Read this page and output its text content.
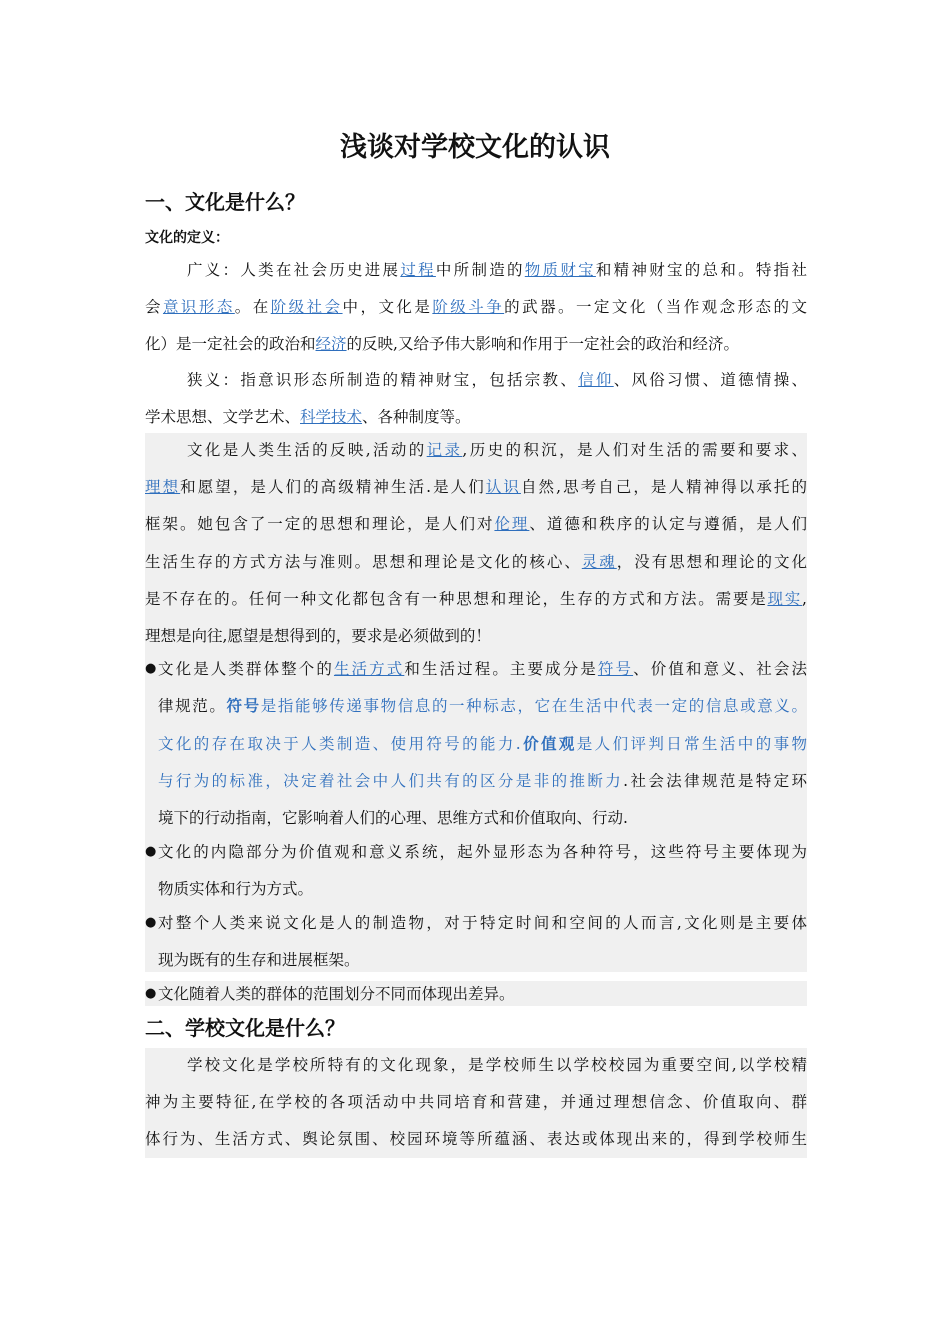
浅谈对学校文化的认识
一、文化是什么？
文化的定义：
广义：人类在社会历史进展过程中所制造的物质财宝和精神财宝的总和。特指社
会意识形态。在阶级社会中，文化是阶级斗争的武器。一定文化（当作观念形态的文
化）是一定社会的政治和经济的反映,又给予伟大影响和作用于一定社会的政治和经济。
狭义：指意识形态所制造的精神财宝，包括宗教、信仰、风俗习惯、道德情操、
学术思想、文学艺术、科学技术、各种制度等。
文化是人类生活的反映,活动的记录,历史的积沉，是人们对生活的需要和要求、
理想和愿望，是人们的高级精神生活.是人们认识自然,思考自己，是人精神得以承托的
框架。她包含了一定的思想和理论，是人们对伦理、道德和秩序的认定与遵循，是人们
生活生存的方式方法与准则。思想和理论是文化的核心、灵魂，没有思想和理论的文化
是不存在的。任何一种文化都包含有一种思想和理论，生存的方式和方法。需要是现实,
理想是向往,愿望是想得到的，要求是必须做到的！
● 文化是人类群体整个的生活方式和生活过程。主要成分是符号、价值和意义、社会法
律规范。符号是指能够传递事物信息的一种标志，它在生活中代表一定的信息或意义。
文化的存在取决于人类制造、使用符号的能力.价值观是人们评判日常生活中的事物
与行为的标准，决定着社会中人们共有的区分是非的推断力.社会法律规范是特定环
境下的行动指南，它影响着人们的心理、思维方式和价值取向、行动.
● 文化的内隐部分为价值观和意义系统，起外显形态为各种符号，这些符号主要体现为
物质实体和行为方式。
● 对整个人类来说文化是人的制造物，对于特定时间和空间的人而言,文化则是主要体
现为既有的生存和进展框架。
● 文化随着人类的群体的范围划分不同而体现出差异。
二、学校文化是什么？
学校文化是学校所特有的文化现象，是学校师生以学校校园为重要空间,以学校精
神为主要特征,在学校的各项活动中共同培育和营建，并通过理想信念、价值取向、群
体行为、生活方式、舆论氛围、校园环境等所蕴涵、表达或体现出来的，得到学校师生
